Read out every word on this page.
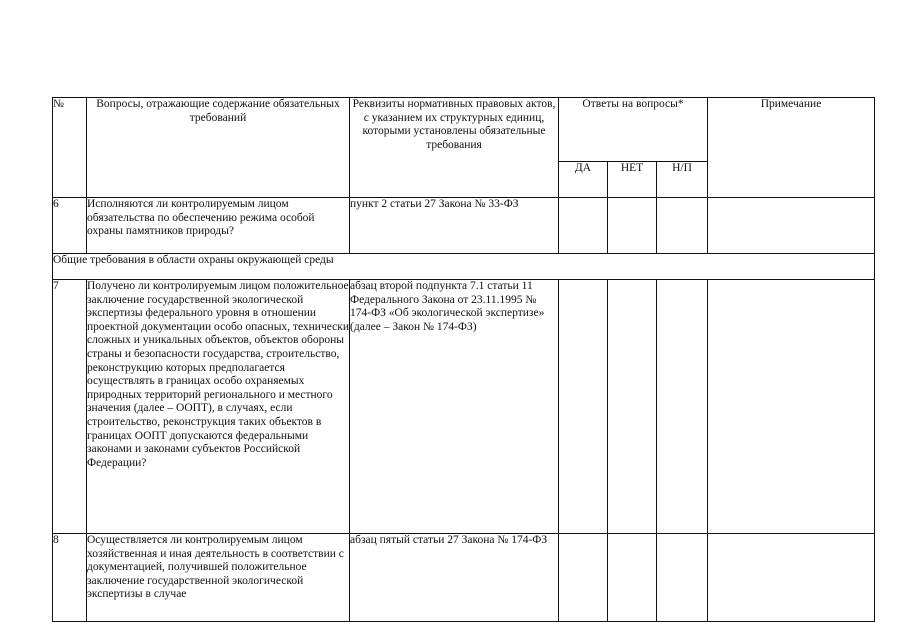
№	Вопросы, отражающие содержание обязательных требований	Реквизиты нормативных правовых актов, с указанием их структурных единиц, которыми установлены обязательные требования	Ответы на вопросы*			Примечание
			ДА	НЕТ	Н/П	
6	Исполняются ли контролируемым лицом обязательства по обеспечению режима особой охраны памятников природы?	пункт 2 статьи 27 Закона № 33-ФЗ				
Общие требования в области охраны окружающей среды						
7	Получено ли контролируемым лицом положительное заключение государственной экологической экспертизы федерального уровня в отношении проектной документации особо опасных, технически сложных и уникальных объектов, объектов обороны страны и безопасности государства, строительство, реконструкцию которых предполагается осуществлять в границах особо охраняемых природных территорий регионального и местного значения (далее – ООПТ), в случаях, если строительство, реконструкция таких объектов в границах ООПТ допускаются федеральными законами и законами субъектов Российской Федерации?	абзац второй подпункта 7.1 статьи 11 Федерального Закона от 23.11.1995 № 174-ФЗ «Об экологической экспертизе» (далее – Закон № 174-ФЗ)				
8	Осуществляется ли контролируемым лицом хозяйственная и иная деятельность в соответствии с документацией, получившей положительное заключение государственной экологической экспертизы в случае	абзац пятый статьи 27 Закона № 174-ФЗ				
